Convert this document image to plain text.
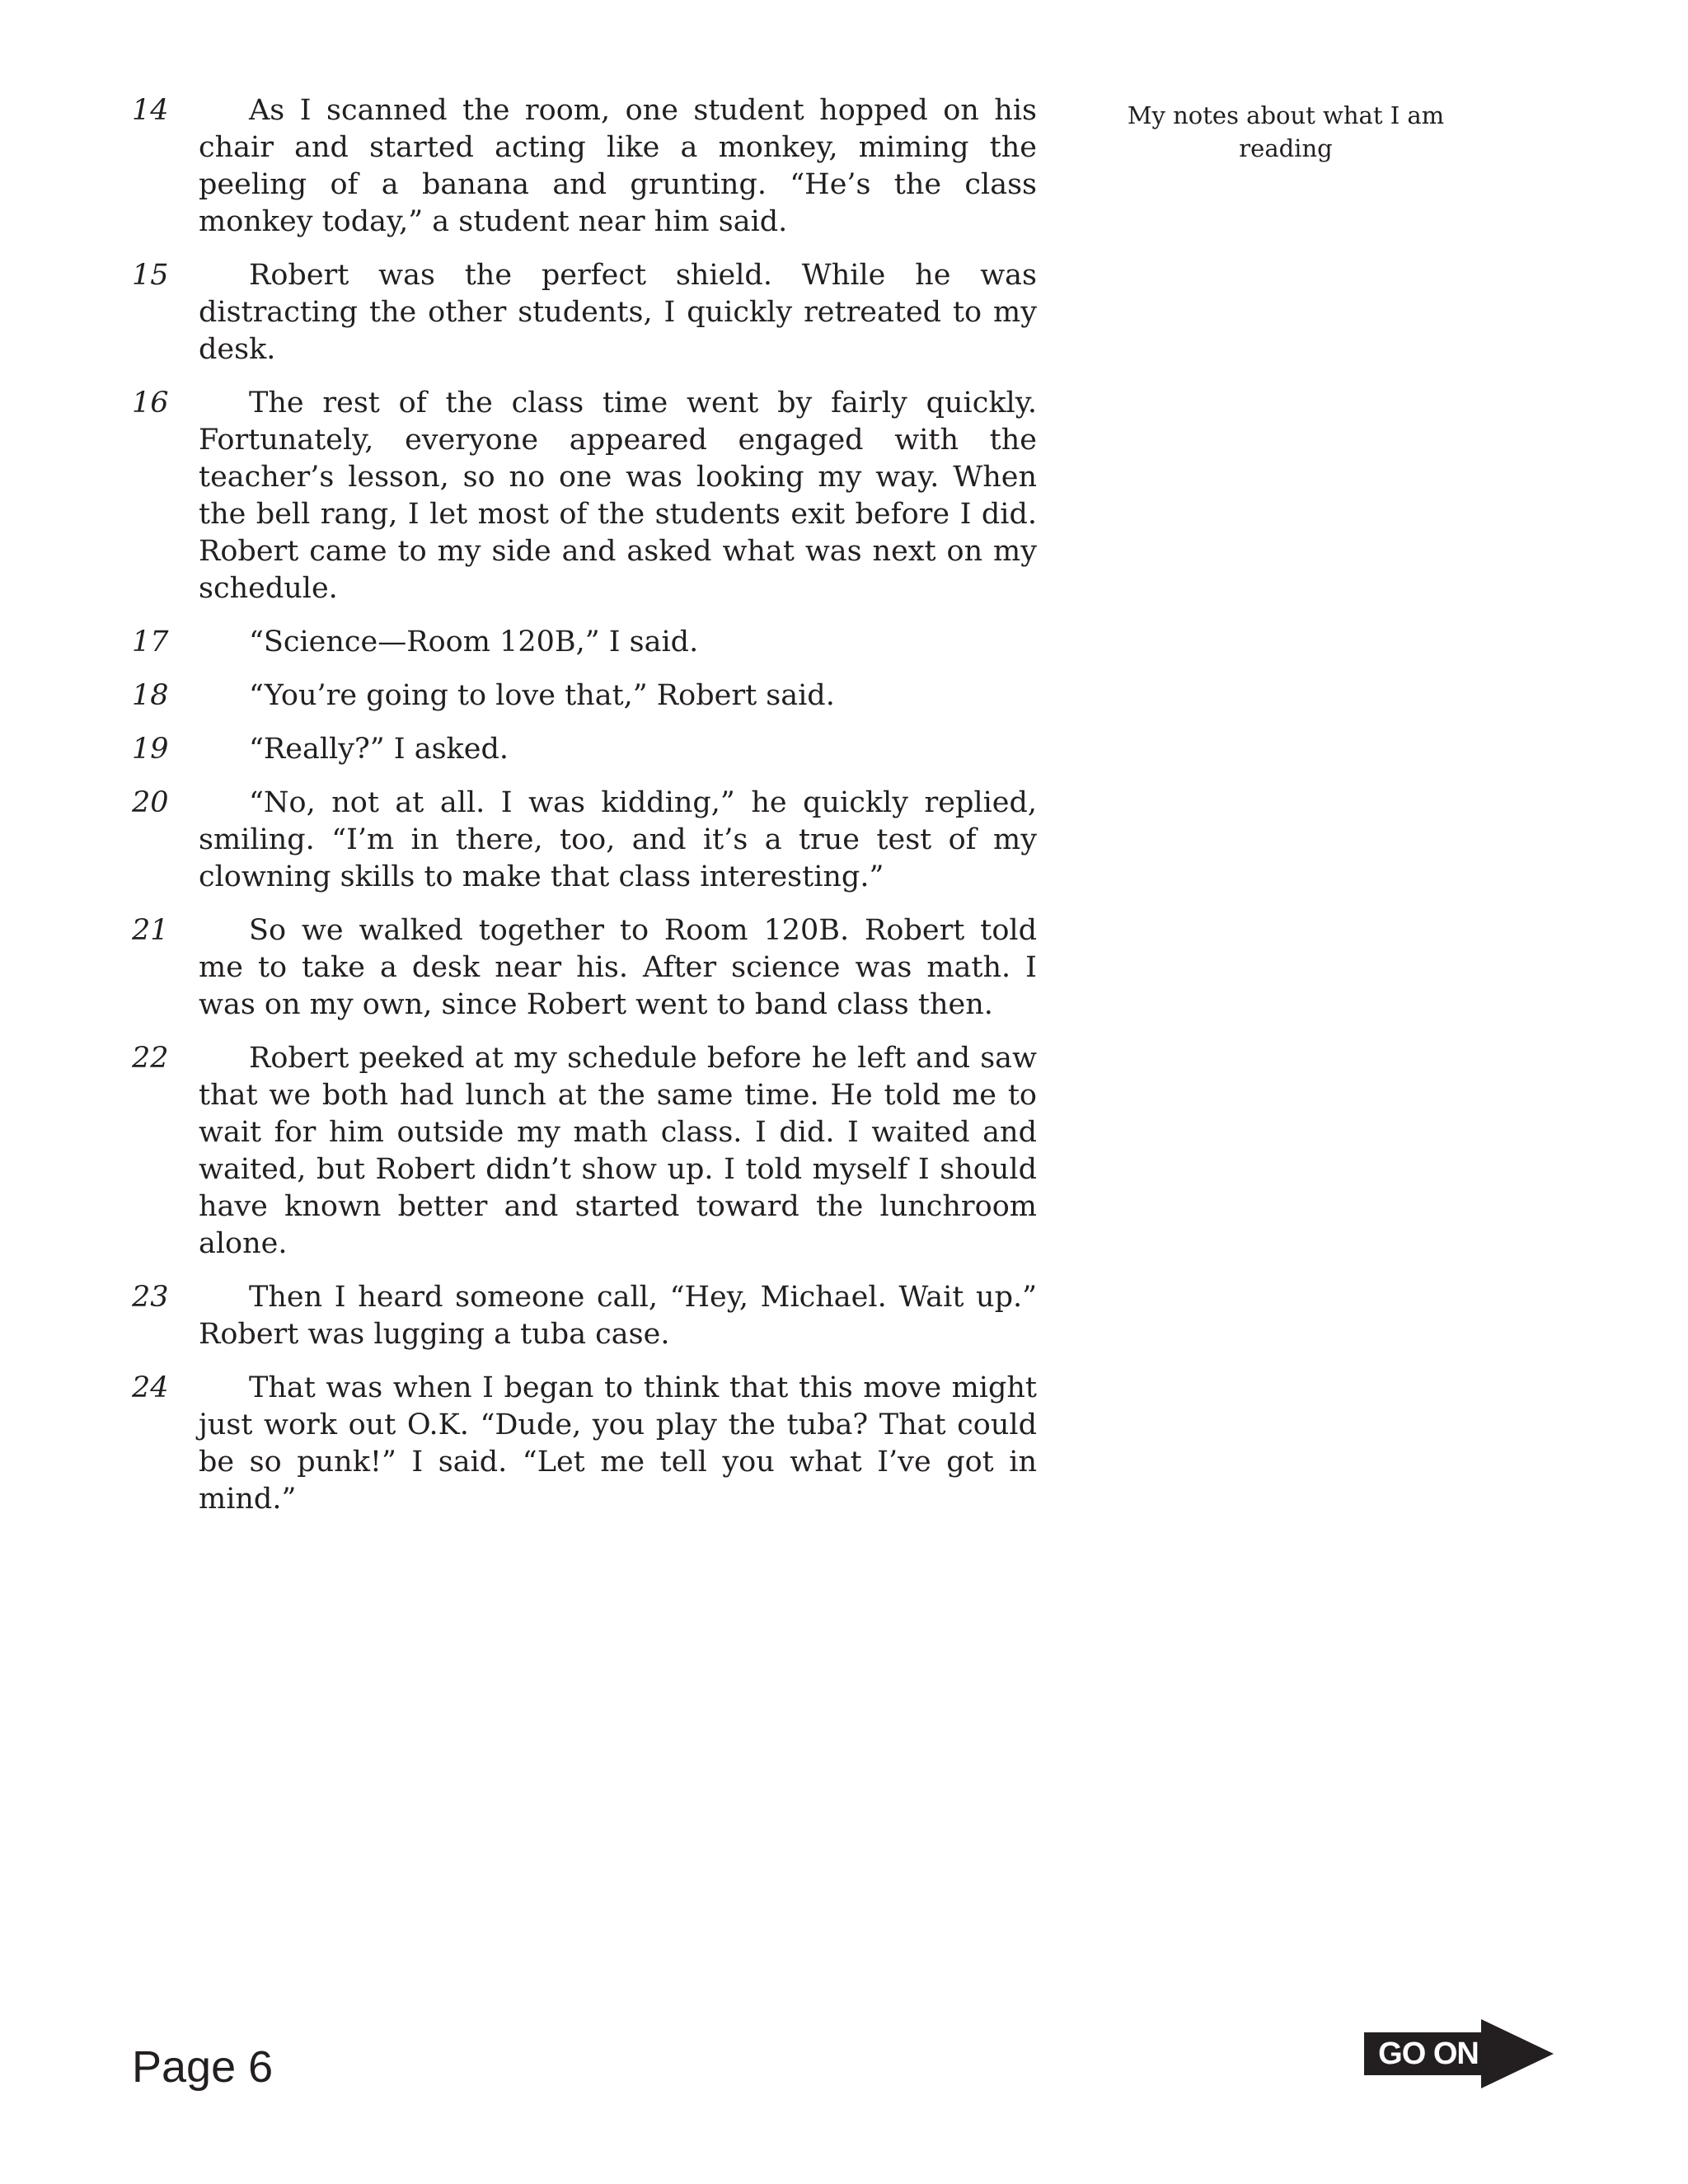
14	As I scanned the room, one student hopped on his chair and started acting like a monkey, miming the peeling of a banana and grunting. “He’s the class monkey today,” a student near him said.

15	Robert was the perfect shield. While he was distracting the other students, I quickly retreated to my desk.

16	The rest of the class time went by fairly quickly. Fortunately, everyone appeared engaged with the teacher’s lesson, so no one was looking my way. When the bell rang, I let most of the students exit before I did. Robert came to my side and asked what was next on my schedule.

17	“Science—Room 120B,” I said.

18	“You’re going to love that,” Robert said.

19	“Really?” I asked.

20	“No, not at all. I was kidding,” he quickly replied, smiling. “I’m in there, too, and it’s a true test of my clowning skills to make that class interesting.”

21	So we walked together to Room 120B. Robert told me to take a desk near his. After science was math. I was on my own, since Robert went to band class then.

22	Robert peeked at my schedule before he left and saw that we both had lunch at the same time. He told me to wait for him outside my math class. I did. I waited and waited, but Robert didn’t show up. I told myself I should have known better and started toward the lunchroom alone.

23	Then I heard someone call, “Hey, Michael. Wait up.” Robert was lugging a tuba case.

24	That was when I began to think that this move might just work out O.K. “Dude, you play the tuba? That could be so punk!” I said. “Let me tell you what I’ve got in mind.”

My notes about what I am reading
Page 6	GO ON
